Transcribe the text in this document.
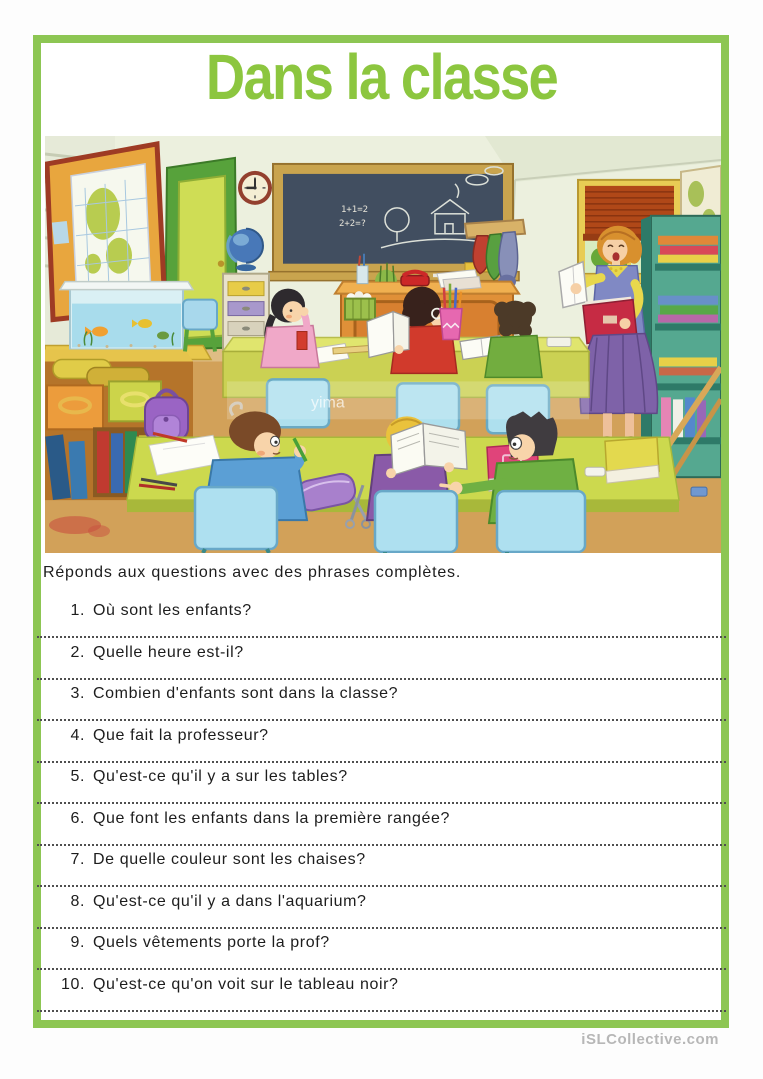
Dans la classe
1+1=2
2+2=?
yima
Réponds aux questions avec des phrases complètes.
1. Où sont les enfants?
2. Quelle heure est-il?
3. Combien d'enfants sont dans la classe?
4. Que fait la professeur?
5. Qu'est-ce qu'il y a sur les tables?
6. Que font les enfants dans la première rangée?
7. De quelle couleur sont les chaises?
8. Qu'est-ce qu'il y a dans l'aquarium?
9. Quels vêtements porte la prof?
10. Qu'est-ce qu'on voit sur le tableau noir?
iSLCollective.com
